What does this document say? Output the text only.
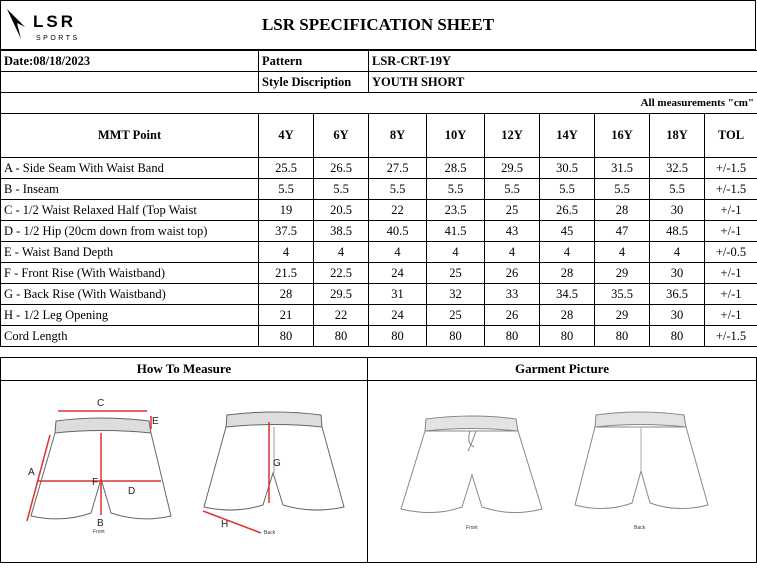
LSR
SPORTS
LSR SPECIFICATION SHEET
Date:08/18/2023	Pattern		LSR-CRT-19Y						
	Style Discription		YOUTH SHORT						
All measurements "cm"									
MMT Point	4Y	6Y	8Y	10Y	12Y	14Y	16Y	18Y	TOL
A - Side Seam With Waist Band	25.5	26.5	27.5	28.5	29.5	30.5	31.5	32.5	+/-1.5
B - Inseam	5.5	5.5	5.5	5.5	5.5	5.5	5.5	5.5	+/-1.5
C - 1/2 Waist Relaxed Half (Top Waist	19	20.5	22	23.5	25	26.5	28	30	+/-1
D - 1/2 Hip (20cm down from waist top)	37.5	38.5	40.5	41.5	43	45	47	48.5	+/-1
E - Waist Band Depth	4	4	4	4	4	4	4	4	+/-0.5
F - Front Rise (With Waistband)	21.5	22.5	24	25	26	28	29	30	+/-1
G - Back Rise (With Waistband)	28	29.5	31	32	33	34.5	35.5	36.5	+/-1
H - 1/2 Leg Opening	21	22	24	25	26	28	29	30	+/-1
Cord Length	80	80	80	80	80	80	80	80	+/-1.5
How To Measure
C
E
A
F
D
B
Front
G
H
Back
Garment Picture
Front	Back
